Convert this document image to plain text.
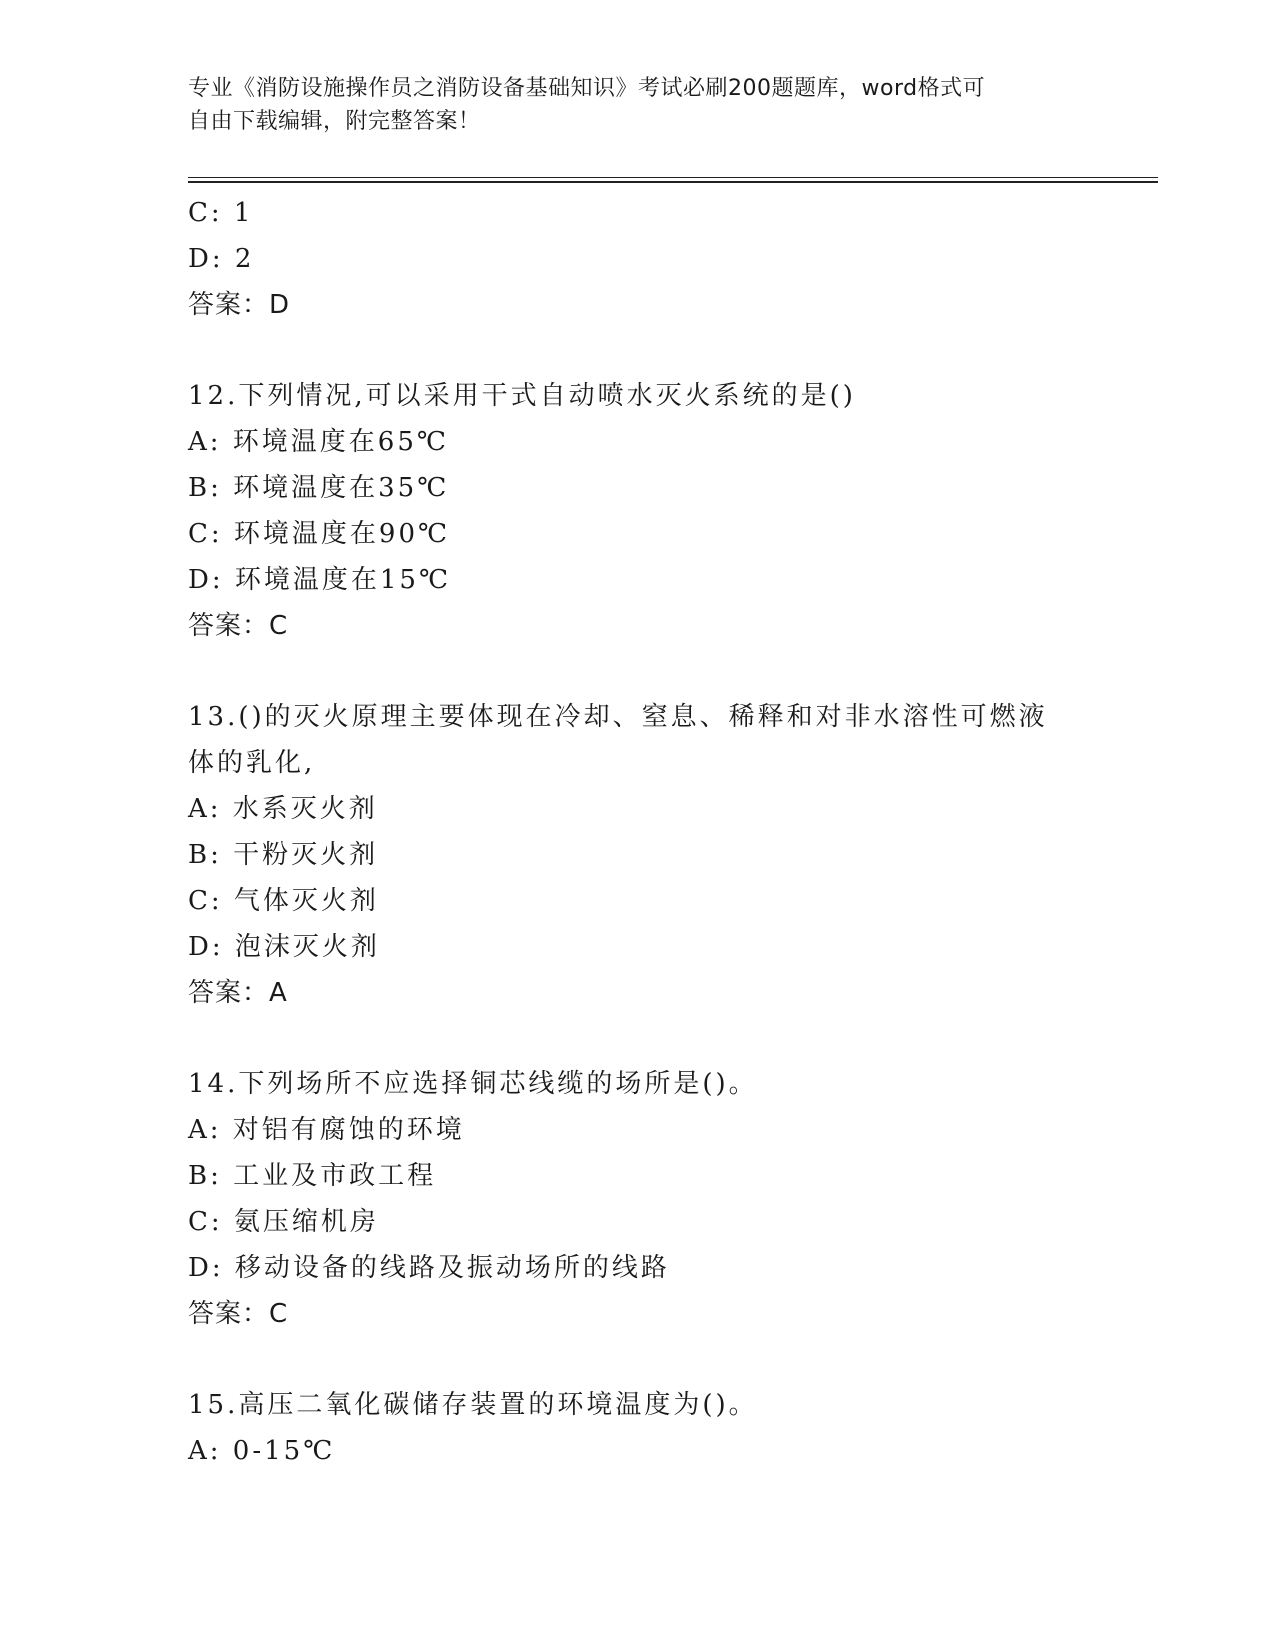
专业《消防设施操作员之消防设备基础知识》考试必刷200题题库，word格式可
自由下载编辑，附完整答案！
C: 1
D: 2
答案：D
12.下列情况,可以采用干式自动喷水灭火系统的是()
A: 环境温度在65℃
B: 环境温度在35℃
C: 环境温度在90℃
D: 环境温度在15℃
答案：C
13.()的灭火原理主要体现在冷却、窒息、稀释和对非水溶性可燃液
体的乳化,
A: 水系灭火剂
B: 干粉灭火剂
C: 气体灭火剂
D: 泡沫灭火剂
答案：A
14.下列场所不应选择铜芯线缆的场所是()。
A: 对铝有腐蚀的环境
B: 工业及市政工程
C: 氨压缩机房
D: 移动设备的线路及振动场所的线路
答案：C
15.高压二氧化碳储存装置的环境温度为()。
A: 0-15℃
